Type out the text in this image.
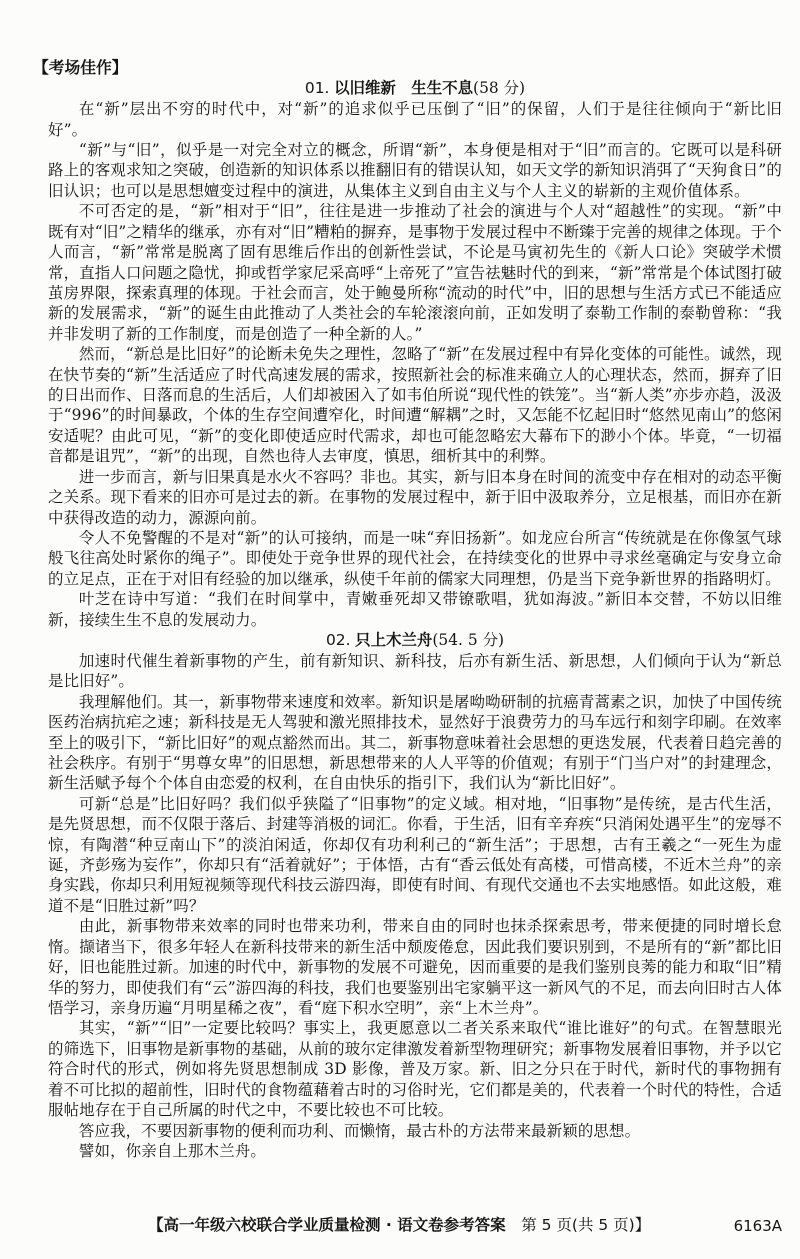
【考场佳作】
01. 以旧维新　生生不息(58 分)

在“新”层出不穷的时代中，对“新”的追求似乎已压倒了“旧”的保留，人们于是往往倾向于“新比旧好”。

“新”与“旧”，似乎是一对完全对立的概念，所谓“新”，本身便是相对于“旧”而言的。它既可以是科研路上的客观求知之突破，创造新的知识体系以推翻旧有的错误认知，如天文学的新知识消弭了“天狗食日”的旧认识；也可以是思想嬗变过程中的演进，从集体主义到自由主义与个人主义的崭新的主观价值体系。

不可否定的是，“新”相对于“旧”，往往是进一步推动了社会的演进与个人对“超越性”的实现。“新”中既有对“旧”之精华的继承，亦有对“旧”糟粕的摒弃，是事物于发展过程中不断臻于完善的规律之体现。于个人而言，“新”常常是脱离了固有思维后作出的创新性尝试，不论是马寅初先生的《新人口论》突破学术惯常，直指人口问题之隐忧，抑或哲学家尼采高呼“上帝死了”宣告祛魅时代的到来，“新”常常是个体试图打破茧房界限，探索真理的体现。于社会而言，处于鲍曼所称“流动的时代”中，旧的思想与生活方式已不能适应新的发展需求，“新”的诞生由此推动了人类社会的车轮滚滚向前，正如发明了泰勒工作制的泰勒曾称：“我并非发明了新的工作制度，而是创造了一种全新的人。”

然而，“新总是比旧好”的论断未免失之理性，忽略了“新”在发展过程中有异化变体的可能性。诚然，现在快节奏的“新”生活适应了时代高速发展的需求，按照新社会的标准来确立人的心理状态，然而，摒弃了旧的日出而作、日落而息的生活后，人们却被困入了如韦伯所说“现代性的铁笼”。当“新人类”亦步亦趋，汲汲于“996”的时间暴政，个体的生存空间遭窄化，时间遭“解耦”之时，又怎能不忆起旧时“悠然见南山”的悠闲安适呢？由此可见，“新”的变化即使适应时代需求，却也可能忽略宏大幕布下的渺小个体。毕竟，“一切福音都是诅咒”，“新”的出现，自然也待人去审度，慎思，细析其中的利弊。

进一步而言，新与旧果真是水火不容吗？非也。其实，新与旧本身在时间的流变中存在相对的动态平衡之关系。现下看来的旧亦可是过去的新。在事物的发展过程中，新于旧中汲取养分，立足根基，而旧亦在新中获得改造的动力，源源向前。

令人不免警醒的不是对“新”的认可接纳，而是一味“弃旧扬新”。如龙应台所言“传统就是在你像氢气球般飞往高处时紧你的绳子”。即使处于竞争世界的现代社会，在持续变化的世界中寻求丝毫确定与安身立命的立足点，正在于对旧有经验的加以继承，纵使千年前的儒家大同理想，仍是当下竞争新世界的指路明灯。

叶芝在诗中写道：“我们在时间掌中，青嫩垂死却又带镣歌唱，犹如海波。”新旧本交替，不妨以旧维新，接续生生不息的发展动力。

02. 只上木兰舟(54. 5 分)

加速时代催生着新事物的产生，前有新知识、新科技，后亦有新生活、新思想，人们倾向于认为“新总是比旧好”。

我理解他们。其一，新事物带来速度和效率。新知识是屠呦呦研制的抗癌青蒿素之识，加快了中国传统医药治病抗疟之速；新科技是无人驾驶和激光照排技术，显然好于浪费劳力的马车远行和刻字印刷。在效率至上的吸引下，“新比旧好”的观点豁然而出。其二，新事物意味着社会思想的更迭发展，代表着日趋完善的社会秩序。有别于“男尊女卑”的旧思想，新思想带来的人人平等的价值观；有别于“门当户对”的封建理念，新生活赋予每个个体自由恋爱的权利，在自由快乐的指引下，我们认为“新比旧好”。

可新“总是”比旧好吗？我们似乎狭隘了“旧事物”的定义域。相对地，“旧事物”是传统，是古代生活，是先贤思想，而不仅限于落后、封建等消极的词汇。你看，于生活，旧有辛弃疾“只消闲处遇平生”的宠辱不惊，有陶潜“种豆南山下”的淡泊闲适，你却仅有功利利己的“新生活”；于思想，古有王羲之“一死生为虚诞，齐彭殇为妄作”，你却只有“活着就好”；于体悟，古有“香云低处有高楼，可惜高楼，不近木兰舟”的亲身实践，你却只利用短视频等现代科技云游四海，即使有时间、有现代交通也不去实地感悟。如此这般，难道不是“旧胜过新”吗？

由此，新事物带来效率的同时也带来功利，带来自由的同时也抹杀探索思考，带来便捷的同时增长怠惰。撷诸当下，很多年轻人在新科技带来的新生活中颓废倦怠，因此我们要识别到，不是所有的“新”都比旧好，旧也能胜过新。加速的时代中，新事物的发展不可避免，因而重要的是我们鉴别良莠的能力和取“旧”精华的努力，即使我们有“云”游四海的科技，我们也要鉴别出宅家躺平这一新风气的不足，而去向旧时古人体悟学习，亲身历遍“月明星稀之夜”，看“庭下积水空明”，亲“上木兰舟”。

其实，“新”“旧”一定要比较吗？事实上，我更愿意以二者关系来取代“谁比谁好”的句式。在智慧眼光的筛选下，旧事物是新事物的基础，从前的玻尔定律激发着新型物理研究；新事物发展着旧事物，并予以它符合时代的形式，例如将先贤思想制成 3D 影像，普及万家。新、旧之分只在于时代，新时代的事物拥有着不可比拟的超前性，旧时代的食物蕴藉着古时的习俗时光，它们都是美的，代表着一个时代的特性，合适服帖地存在于自己所属的时代之中，不要比较也不可比较。

答应我，不要因新事物的便利而功利、而懒惰，最古朴的方法带来最新颖的思想。

譬如，你亲自上那木兰舟。

【高一年级六校联合学业质量检测 · 语文卷参考答案 第 5 页(共 5 页)】	6163A
